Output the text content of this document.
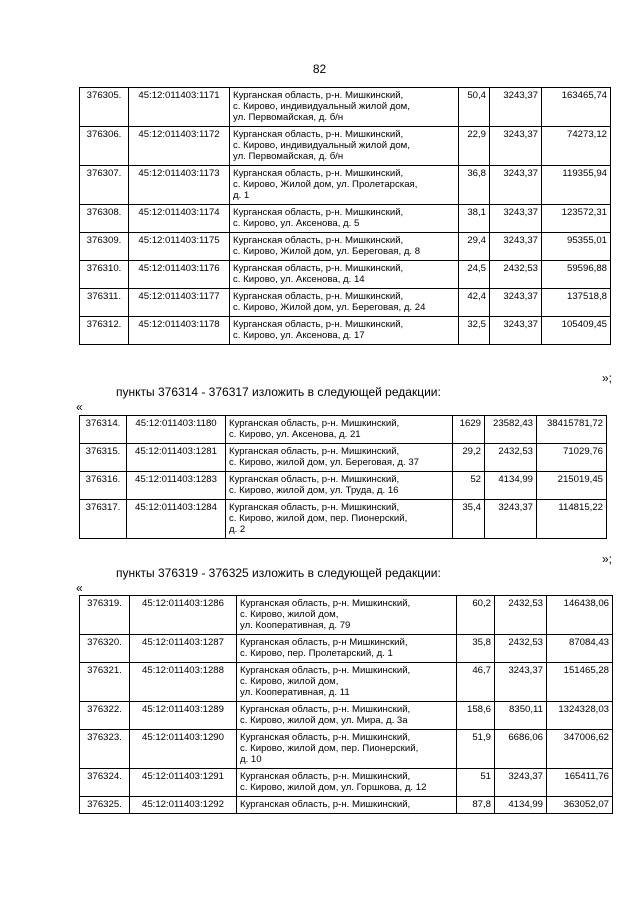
82
376305.	45:12:011403:1171	Курганская область, р-н. Мишкинский,
с. Кирово, индивидуальный жилой дом,
ул. Первомайская, д. б/н	50,4	3243,37	163465,74
376306.	45:12:011403:1172	Курганская область, р-н. Мишкинский,
с. Кирово, индивидуальный жилой дом,
ул. Первомайская, д. б/н	22,9	3243,37	74273,12
376307.	45:12:011403:1173	Курганская область, р-н. Мишкинский,
с. Кирово, Жилой дом, ул. Пролетарская,
д. 1	36,8	3243,37	119355,94
376308.	45:12:011403:1174	Курганская область, р-н. Мишкинский,
с. Кирово, ул. Аксенова, д. 5	38,1	3243,37	123572,31
376309.	45:12:011403:1175	Курганская область, р-н. Мишкинский,
с. Кирово, Жилой дом, ул. Береговая, д. 8	29,4	3243,37	95355,01
376310.	45:12:011403:1176	Курганская область, р-н. Мишкинский,
с. Кирово, ул. Аксенова, д. 14	24,5	2432,53	59596,88
376311.	45:12:011403:1177	Курганская область, р-н. Мишкинский,
с. Кирово, Жилой дом, ул. Береговая, д. 24	42,4	3243,37	137518,8
376312.	45:12:011403:1178	Курганская область, р-н. Мишкинский,
с. Кирово, ул. Аксенова, д. 17	32,5	3243,37	105409,45
»;
пункты 376314 - 376317 изложить в следующей редакции:
«
376314.	45:12:011403:1180	Курганская область, р-н. Мишкинский,
с. Кирово, ул. Аксенова, д. 21	1629	23582,43	38415781,72
376315.	45:12:011403:1281	Курганская область, р-н. Мишкинский,
с. Кирово, жилой дом, ул. Береговая, д. 37	29,2	2432,53	71029,76
376316.	45:12:011403:1283	Курганская область, р-н. Мишкинский,
с. Кирово, жилой дом, ул. Труда, д. 16	52	4134,99	215019,45
376317.	45:12:011403:1284	Курганская область, р-н. Мишкинский,
с. Кирово, жилой дом, пер. Пионерский,
д. 2	35,4	3243,37	114815,22
»;
пункты 376319 - 376325 изложить в следующей редакции:
«
376319.	45:12:011403:1286	Курганская область, р-н. Мишкинский,
с. Кирово, жилой дом,
ул. Кооперативная, д. 79	60,2	2432,53	146438,06
376320.	45:12:011403:1287	Курганская область, р-н Мишкинский,
с. Кирово, пер. Пролетарский, д. 1	35,8	2432,53	87084,43
376321.	45:12:011403:1288	Курганская область, р-н. Мишкинский,
с. Кирово, жилой дом,
ул. Кооперативная, д. 11	46,7	3243,37	151465,28
376322.	45:12:011403:1289	Курганская область, р-н. Мишкинский,
с. Кирово, жилой дом, ул. Мира, д. 3а	158,6	8350,11	1324328,03
376323.	45:12:011403:1290	Курганская область, р-н. Мишкинский,
с. Кирово, жилой дом, пер. Пионерский,
д. 10	51,9	6686,06	347006,62
376324.	45:12:011403:1291	Курганская область, р-н. Мишкинский,
с. Кирово, жилой дом, ул. Горшкова, д. 12	51	3243,37	165411,76
376325.	45:12:011403:1292	Курганская область, р-н. Мишкинский,	87,8	4134,99	363052,07
